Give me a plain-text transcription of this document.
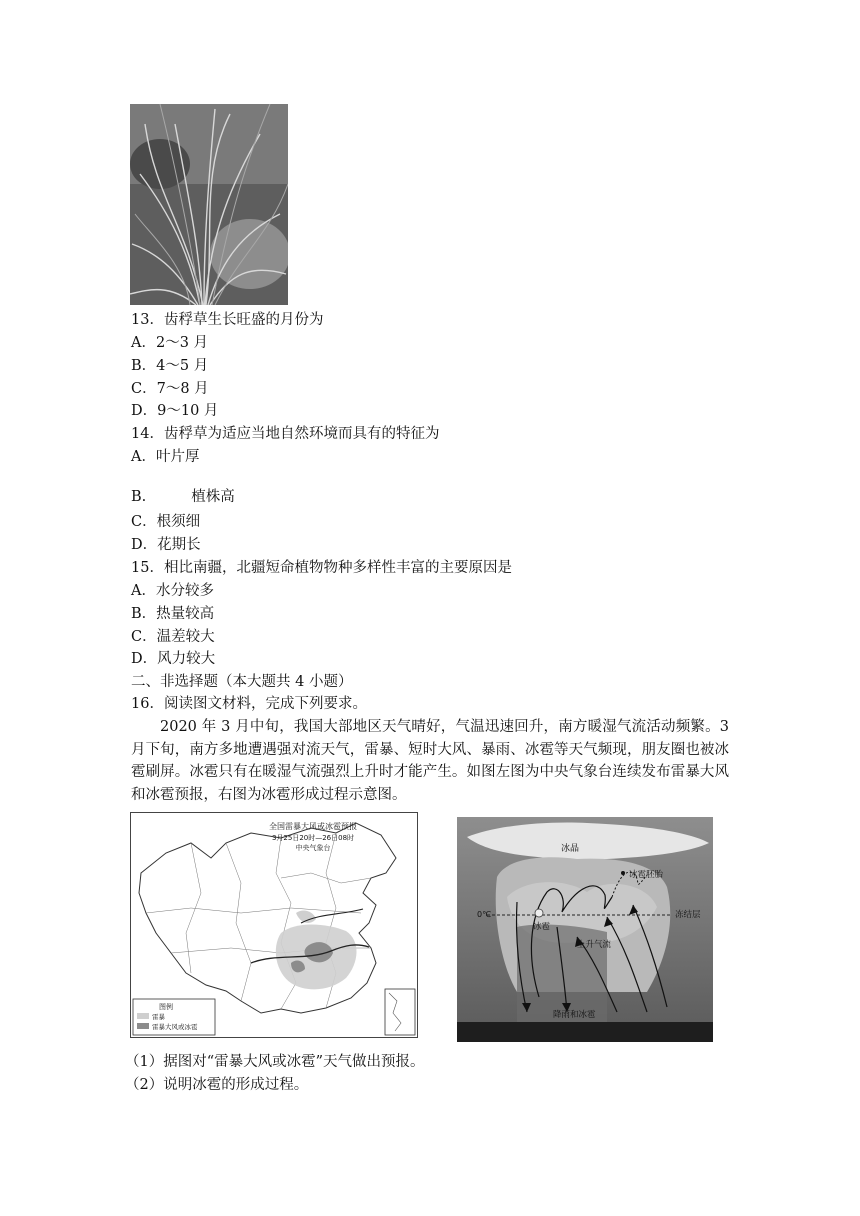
13．齿稃草生长旺盛的月份为
A．2～3 月
B．4～5 月
C．7～8 月
D．9～10 月
14．齿稃草为适应当地自然环境而具有的特征为
A．叶片厚
B.	植株高
C．根须细
D．花期长
15．相比南疆，北疆短命植物物种多样性丰富的主要原因是
A．水分较多
B．热量较高
C．温差较大
D．风力较大
二、非选择题（本大题共 4 小题）
16．阅读图文材料，完成下列要求。
2020 年 3 月中旬，我国大部地区天气晴好，气温迅速回升，南方暖湿气流活动频繁。3 月下旬，南方多地遭遇强对流天气，雷暴、短时大风、暴雨、冰雹等天气频现，朋友圈也被冰雹刷屏。冰雹只有在暖湿气流强烈上升时才能产生。如图左图为中央气象台连续发布雷暴大风和冰雹预报，右图为冰雹形成过程示意图。
全国雷暴大风或冰雹预报
3月25日20时—26日08时
中央气象台
图例
雷暴
雷暴大风或冰雹
冰晶
冰雹胚胎
0℃	冻结层
冰雹
上升气流
降雨和冰雹
（1）据图对“雷暴大风或冰雹”天气做出预报。
（2）说明冰雹的形成过程。
